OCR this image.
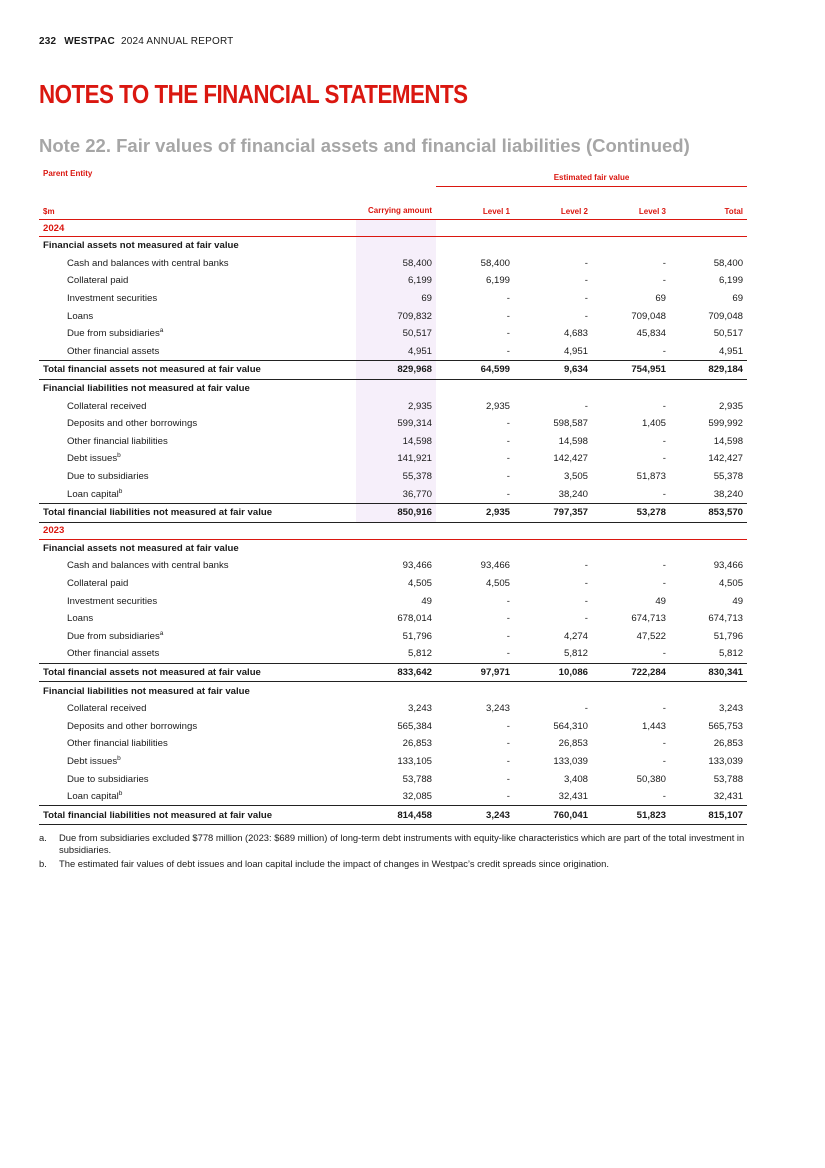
232 WESTPAC 2024 ANNUAL REPORT
NOTES TO THE FINANCIAL STATEMENTS
Note 22. Fair values of financial assets and financial liabilities (Continued)
		Estimated fair value			

Parent Entity
$m	Carrying amount	Level 1	Level 2	Level 3	Total
2024					
Financial assets not measured at fair value					
Cash and balances with central banks	58,400	58,400	-	-	58,400
Collateral paid	6,199	6,199	-	-	6,199
Investment securities	69	-	-	69	69
Loans	709,832	-	-	709,048	709,048
Due from subsidiaries$^a$	50,517	-	4,683	45,834	50,517
Other financial assets	4,951	-	4,951	-	4,951
Total financial assets not measured at fair value	829,968	64,599	9,634	754,951	829,184
Financial liabilities not measured at fair value					
Collateral received	2,935	2,935	-	-	2,935
Deposits and other borrowings	599,314	-	598,587	1,405	599,992
Other financial liabilities	14,598	-	14,598	-	14,598
Debt issues$^b$	141,921	-	142,427	-	142,427
Due to subsidiaries	55,378	-	3,505	51,873	55,378
Loan capital$^b$	36,770	-	38,240	-	38,240
Total financial liabilities not measured at fair value	850,916	2,935	797,357	53,278	853,570
2023					
Financial assets not measured at fair value					
Cash and balances with central banks	93,466	93,466	-	-	93,466
Collateral paid	4,505	4,505	-	-	4,505
Investment securities	49	-	-	49	49
Loans	678,014	-	-	674,713	674,713
Due from subsidiaries$^a$	51,796	-	4,274	47,522	51,796
Other financial assets	5,812	-	5,812	-	5,812
Total financial assets not measured at fair value	833,642	97,971	10,086	722,284	830,341
Financial liabilities not measured at fair value					
Collateral received	3,243	3,243	-	-	3,243
Deposits and other borrowings	565,384	-	564,310	1,443	565,753
Other financial liabilities	26,853	-	26,853	-	26,853
Debt issues$^b$	133,105	-	133,039	-	133,039
Due to subsidiaries	53,788	-	3,408	50,380	53,788
Loan capital$^b$	32,085	-	32,431	-	32,431
Total financial liabilities not measured at fair value	814,458	3,243	760,041	51,823	815,107
a.	Due from subsidiaries excluded $778 million (2023: $689 million) of long-term debt instruments with equity-like characteristics which are part of the total investment in subsidiaries.
b.	The estimated fair values of debt issues and loan capital include the impact of changes in Westpac’s credit spreads since origination.
